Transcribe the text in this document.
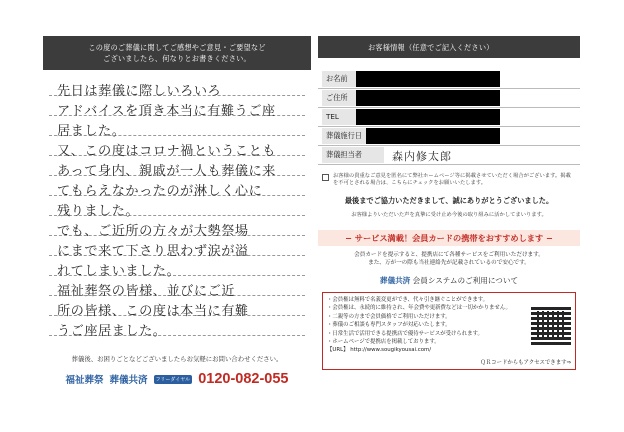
この度のご葬儀に関してご感想やご意見・ご要望など
ございましたら、何なりとお書きください。
先日は葬儀に際しいろいろ
アドバイスを頂き本当に有難うご座
居ました。
又、この度はコロナ禍ということも
あって身内、親戚が一人も葬儀に来
てもらえなかったのが淋しく心に
残りました。
でも、ご近所の方々が大勢祭場
にまで来て下さり思わず涙が溢
れてしまいました。
福祉葬祭の皆様、並びにご近
所の皆様、この度は本当に有難
うご座居ました。
葬儀後、お困りごとなどございましたらお気軽にお問い合わせください。
福祉葬祭 葬儀共済	フリーダイヤル 0120-082-055
お客様情報（任意でご記入ください）
お名前
ご住所
TEL
葬儀施行日
葬儀担当者	森内修太郎

お客様の貴重なご意見を匿名にて弊社ホームページ等に掲載させていただく場合がございます。掲載を不可とされる場合は、こちらにチェックをお願いいたします。

最後までご協力いただきまして、誠にありがとうございました。
お客様よりいただいた声を真摯に受け止め今後の取り組みに活かしてまいります。
− サービス満載！会員カードの携帯をおすすめします −
会員カードを提示すると、提携店にて各種サービスをご利用いただけます。
また、万が一の際も当社連絡先が記載されているので安心です。
葬儀共済 会員システムのご利用について
・会員権は無料で名義変更ができ、代々引き継ぐことができます。
・会員権は、永続的に維持され、年会費や更新費などは一切かかりません。
・二親等の方まで会員価格でご利用いただけます。
・葬儀のご相談も専門スタッフが対応いたします。
・日常生活で活用できる提携店で優待サービスが受けられます。
・ホームページで提携店を掲載しております。
【URL】 http://www.sougikyousai.com/
ＱＲコードからもアクセスできます⇒
